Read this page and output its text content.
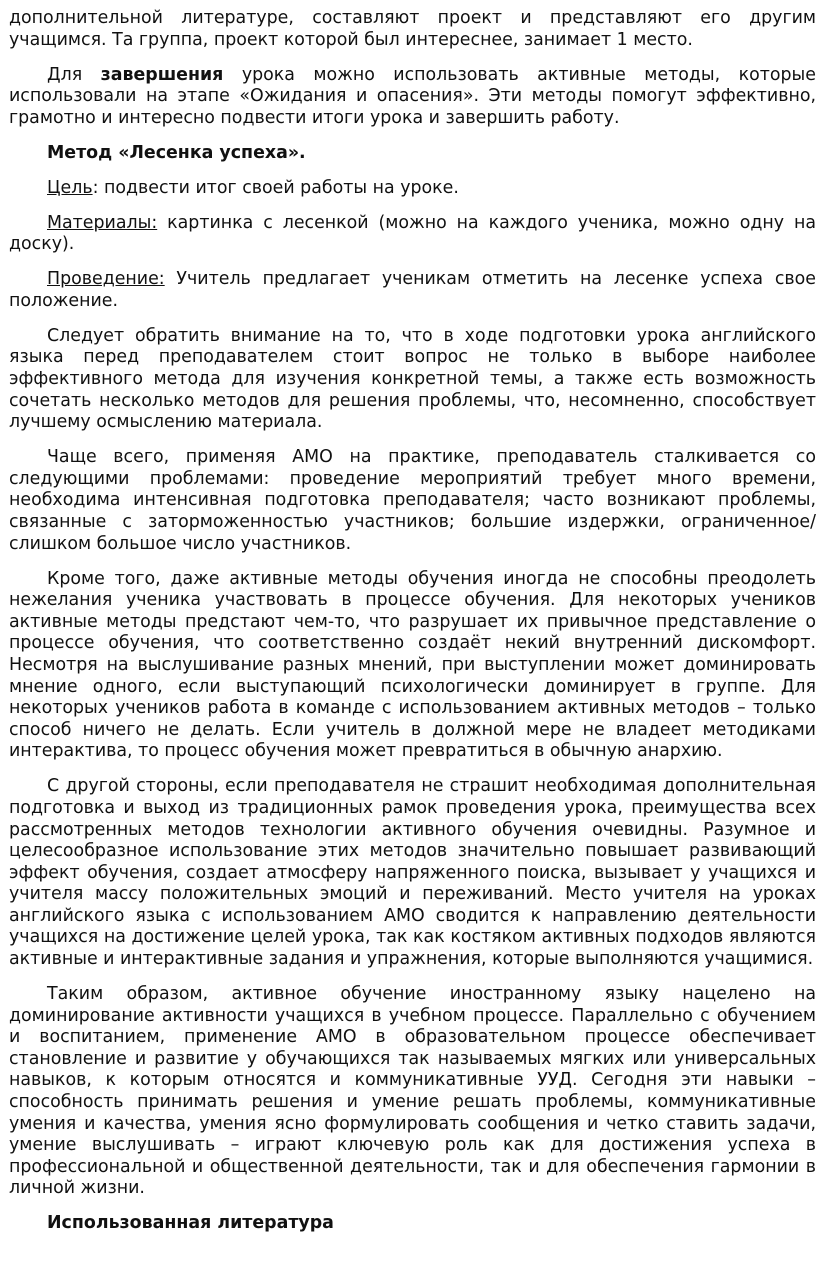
дополнительной литературе, составляют проект и представляют его другим учащимся. Та группа, проект которой был интереснее, занимает 1 место.

Для завершения урока можно использовать активные методы, которые использовали на этапе «Ожидания и опасения». Эти методы помогут эффективно, грамотно и интересно подвести итоги урока и завершить работу.

Метод «Лесенка успеха».

Цель: подвести итог своей работы на уроке.

Материалы: картинка с лесенкой (можно на каждого ученика, можно одну на доску).

Проведение: Учитель предлагает ученикам отметить на лесенке успеха свое положение.

Следует обратить внимание на то, что в ходе подготовки урока английского языка перед преподавателем стоит вопрос не только в выборе наиболее эффективного метода для изучения конкретной темы, а также есть возможность сочетать несколько методов для решения проблемы, что, несомненно, способствует лучшему осмыслению материала.

Чаще всего, применяя АМО на практике, преподаватель сталкивается со следующими проблемами: проведение мероприятий требует много времени, необходима интенсивная подготовка преподавателя; часто возникают проблемы, связанные с заторможенностью участников; большие издержки, ограниченное/слишком большое число участников.

Кроме того, даже активные методы обучения иногда не способны преодолеть нежелания ученика участвовать в процессе обучения. Для некоторых учеников активные методы предстают чем-то, что разрушает их привычное представление о процессе обучения, что соответственно создаёт некий внутренний дискомфорт. Несмотря на выслушивание разных мнений, при выступлении может доминировать мнение одного, если выступающий психологически доминирует в группе. Для некоторых учеников работа в команде с использованием активных методов – только способ ничего не делать. Если учитель в должной мере не владеет методиками интерактива, то процесс обучения может превратиться в обычную анархию.

С другой стороны, если преподавателя не страшит необходимая дополнительная подготовка и выход из традиционных рамок проведения урока, преимущества всех рассмотренных методов технологии активного обучения очевидны. Разумное и целесообразное использование этих методов значительно повышает развивающий эффект обучения, создает атмосферу напряженного поиска, вызывает у учащихся и учителя массу положительных эмоций и переживаний. Место учителя на уроках английского языка с использованием АМО сводится к направлению деятельности учащихся на достижение целей урока, так как костяком активных подходов являются активные и интерактивные задания и упражнения, которые выполняются учащимися.

Таким образом, активное обучение иностранному языку нацелено на доминирование активности учащихся в учебном процессе. Параллельно с обучением и воспитанием, применение АМО в образовательном процессе обеспечивает становление и развитие у обучающихся так называемых мягких или универсальных навыков, к которым относятся и коммуникативные УУД. Сегодня эти навыки – способность принимать решения и умение решать проблемы, коммуникативные умения и качества, умения ясно формулировать сообщения и четко ставить задачи, умение выслушивать – играют ключевую роль как для достижения успеха в профессиональной и общественной деятельности, так и для обеспечения гармонии в личной жизни.

Использованная литература
